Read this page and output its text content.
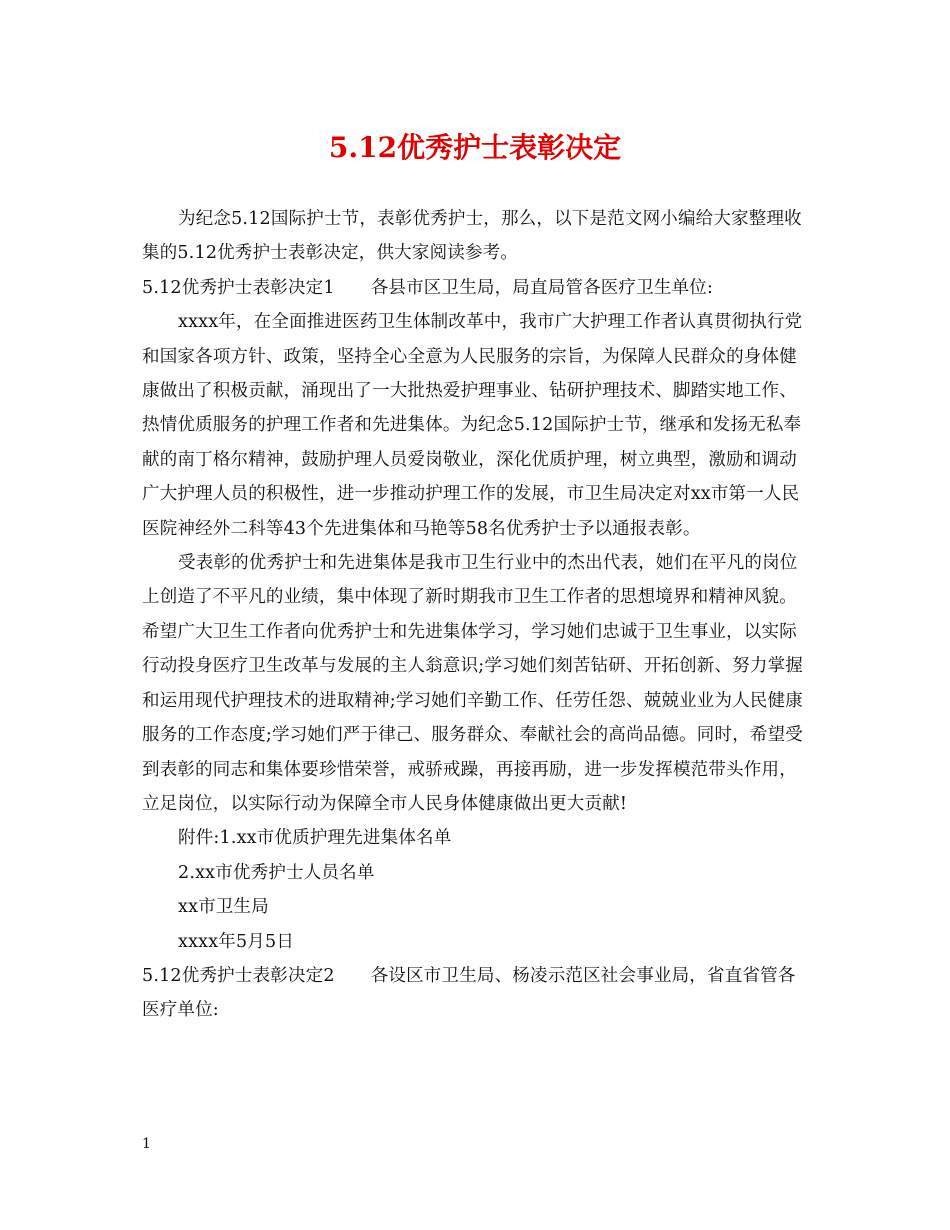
5.12优秀护士表彰决定

为纪念5.12国际护士节，表彰优秀护士，那么，以下是范文网小编给大家整理收集的5.12优秀护士表彰决定，供大家阅读参考。

5.12优秀护士表彰决定1 各县市区卫生局，局直局管各医疗卫生单位:

xxxx年，在全面推进医药卫生体制改革中，我市广大护理工作者认真贯彻执行党和国家各项方针、政策，坚持全心全意为人民服务的宗旨，为保障人民群众的身体健康做出了积极贡献，涌现出了一大批热爱护理事业、钻研护理技术、脚踏实地工作、热情优质服务的护理工作者和先进集体。为纪念5.12国际护士节，继承和发扬无私奉献的南丁格尔精神，鼓励护理人员爱岗敬业，深化优质护理，树立典型，激励和调动广大护理人员的积极性，进一步推动护理工作的发展，市卫生局决定对xx市第一人民医院神经外二科等43个先进集体和马艳等58名优秀护士予以通报表彰。

受表彰的优秀护士和先进集体是我市卫生行业中的杰出代表，她们在平凡的岗位上创造了不平凡的业绩，集中体现了新时期我市卫生工作者的思想境界和精神风貌。希望广大卫生工作者向优秀护士和先进集体学习，学习她们忠诚于卫生事业，以实际行动投身医疗卫生改革与发展的主人翁意识;学习她们刻苦钻研、开拓创新、努力掌握和运用现代护理技术的进取精神;学习她们辛勤工作、任劳任怨、兢兢业业为人民健康服务的工作态度;学习她们严于律己、服务群众、奉献社会的高尚品德。同时，希望受到表彰的同志和集体要珍惜荣誉，戒骄戒躁，再接再励，进一步发挥模范带头作用，立足岗位，以实际行动为保障全市人民身体健康做出更大贡献!

附件:1.xx市优质护理先进集体名单

2.xx市优秀护士人员名单

xx市卫生局

xxxx年5月5日

5.12优秀护士表彰决定2 各设区市卫生局、杨凌示范区社会事业局，省直省管各医疗单位:

1
